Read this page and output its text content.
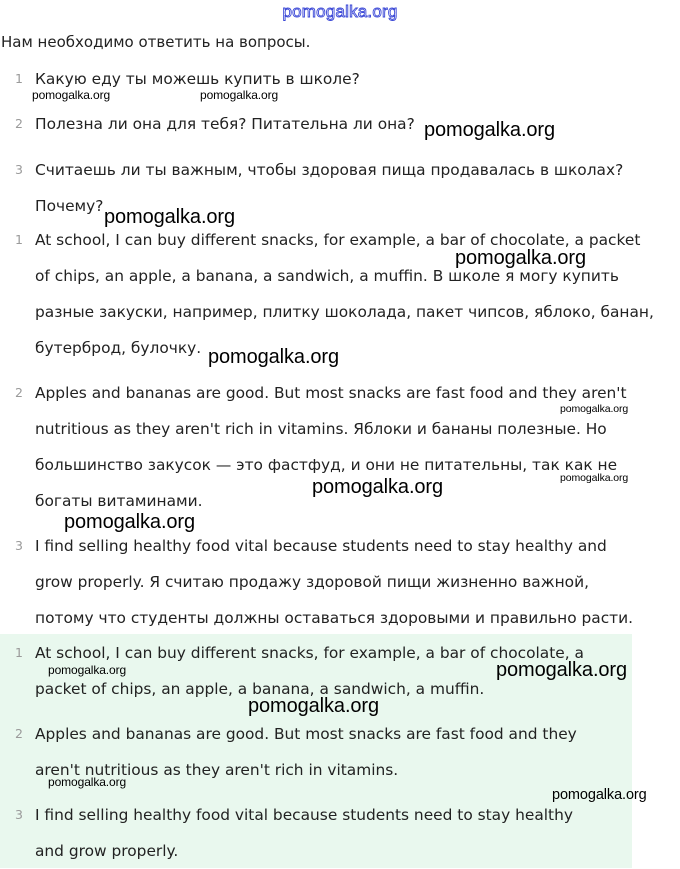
pomogalka.org
Нам необходимо ответить на вопросы.
1 Какую еду ты можешь купить в школе?
2 Полезна ли она для тебя? Питательна ли она?
3 Считаешь ли ты важным, чтобы здоровая пища продавалась в школах?
Почему?
1 At school, I can buy different snacks, for example, a bar of chocolate, a packet
of chips, an apple, a banana, a sandwich, a muffin. В школе я могу купить
разные закуски, например, плитку шоколада, пакет чипсов, яблоко, банан,
бутерброд, булочку.
2 Apples and bananas are good. But most snacks are fast food and they aren't
nutritious as they aren't rich in vitamins. Яблоки и бананы полезные. Но
большинство закусок — это фастфуд, и они не питательны, так как не
богаты витаминами.
3 I find selling healthy food vital because students need to stay healthy and
grow properly. Я считаю продажу здоровой пищи жизненно важной,
потому что студенты должны оставаться здоровыми и правильно расти.
1 At school, I can buy different snacks, for example, a bar of chocolate, a
packet of chips, an apple, a banana, a sandwich, a muffin.
2 Apples and bananas are good. But most snacks are fast food and they
aren't nutritious as they aren't rich in vitamins.
3 I find selling healthy food vital because students need to stay healthy
and grow properly.
pomogalka.org	pomogalka.org
pomogalka.org
pomogalka.org
pomogalka.org
pomogalka.org
pomogalka.org
pomogalka.org
pomogalka.org
pomogalka.org
pomogalka.org	pomogalka.org
pomogalka.org
pomogalka.org
pomogalka.org
